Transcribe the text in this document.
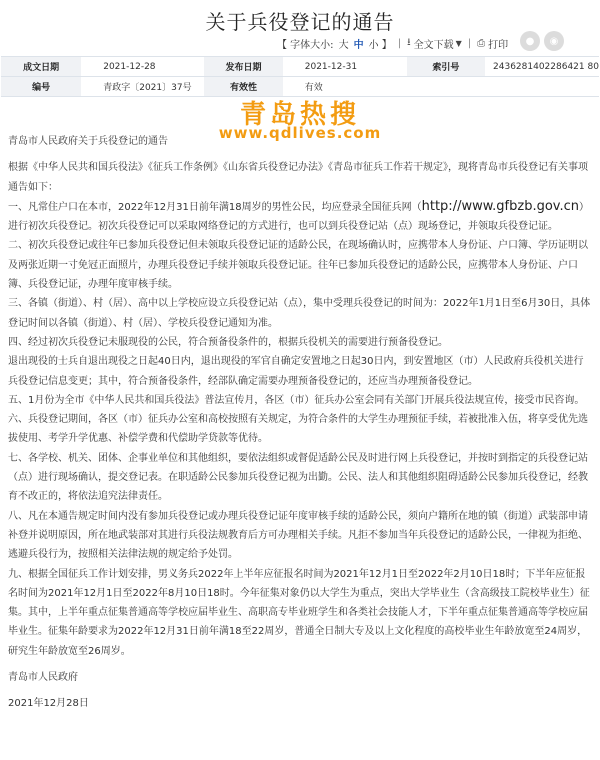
关于兵役登记的通告
【 字体大小: 大 中 小 】 | ⭳ 全文下载 ▼ | ⎙ 打印	●	◉
成文日期	2021-12-28	发布日期	2021-12-31	索引号	2436281402286421 80
编号	青政字〔2021〕37号	有效性	有效		
青岛热搜
www.qdlives.com

青岛市人民政府关于兵役登记的通告

根据《中华人民共和国兵役法》《征兵工作条例》《山东省兵役登记办法》《青岛市征兵工作若干规定》，现将青岛市兵役登记有关事项通告如下：

一、凡常住户口在本市，2022年12月31日前年满18周岁的男性公民，均应登录全国征兵网（http://www.gfbzb.gov.cn）进行初次兵役登记。初次兵役登记可以采取网络登记的方式进行，也可以到兵役登记站（点）现场登记，并领取兵役登记证。

二、初次兵役登记或往年已参加兵役登记但未领取兵役登记证的适龄公民，在现场确认时，应携带本人身份证、户口簿、学历证明以及两张近期一寸免冠正面照片，办理兵役登记手续并领取兵役登记证。往年已参加兵役登记的适龄公民，应携带本人身份证、户口簿、兵役登记证，办理年度审核手续。

三、各镇（街道）、村（居）、高中以上学校应设立兵役登记站（点），集中受理兵役登记的时间为：2022年1月1日至6月30日，具体登记时间以各镇（街道）、村（居）、学校兵役登记通知为准。

四、经过初次兵役登记未服现役的公民，符合预备役条件的，根据兵役机关的需要进行预备役登记。

退出现役的士兵自退出现役之日起40日内，退出现役的军官自确定安置地之日起30日内，到安置地区（市）人民政府兵役机关进行兵役登记信息变更；其中，符合预备役条件，经部队确定需要办理预备役登记的，还应当办理预备役登记。

五、1月份为全市《中华人民共和国兵役法》普法宣传月，各区（市）征兵办公室会同有关部门开展兵役法规宣传，接受市民咨询。

六、兵役登记期间，各区（市）征兵办公室和高校按照有关规定，为符合条件的大学生办理预征手续，若被批准入伍，将享受优先选拔使用、考学升学优惠、补偿学费和代偿助学贷款等优待。

七、各学校、机关、团体、企事业单位和其他组织，要依法组织或督促适龄公民及时进行网上兵役登记，并按时到指定的兵役登记站（点）进行现场确认，提交登记表。在职适龄公民参加兵役登记视为出勤。公民、法人和其他组织阻碍适龄公民参加兵役登记，经教育不改正的，将依法追究法律责任。

八、凡在本通告规定时间内没有参加兵役登记或办理兵役登记证年度审核手续的适龄公民，须向户籍所在地的镇（街道）武装部申请补登并说明原因，所在地武装部对其进行兵役法规教育后方可办理相关手续。凡拒不参加当年兵役登记的适龄公民，一律视为拒绝、逃避兵役行为，按照相关法律法规的规定给予处罚。

九、根据全国征兵工作计划安排，男义务兵2022年上半年应征报名时间为2021年12月1日至2022年2月10日18时；下半年应征报名时间为2021年12月1日至2022年8月10日18时。今年征集对象仍以大学生为重点，突出大学毕业生（含高级技工院校毕业生）征集。其中，上半年重点征集普通高等学校应届毕业生、高职高专毕业班学生和各类社会技能人才，下半年重点征集普通高等学校应届毕业生。征集年龄要求为2022年12月31日前年满18至22周岁，普通全日制大专及以上文化程度的高校毕业生年龄放宽至24周岁，研究生年龄放宽至26周岁。

青岛市人民政府

2021年12月28日
